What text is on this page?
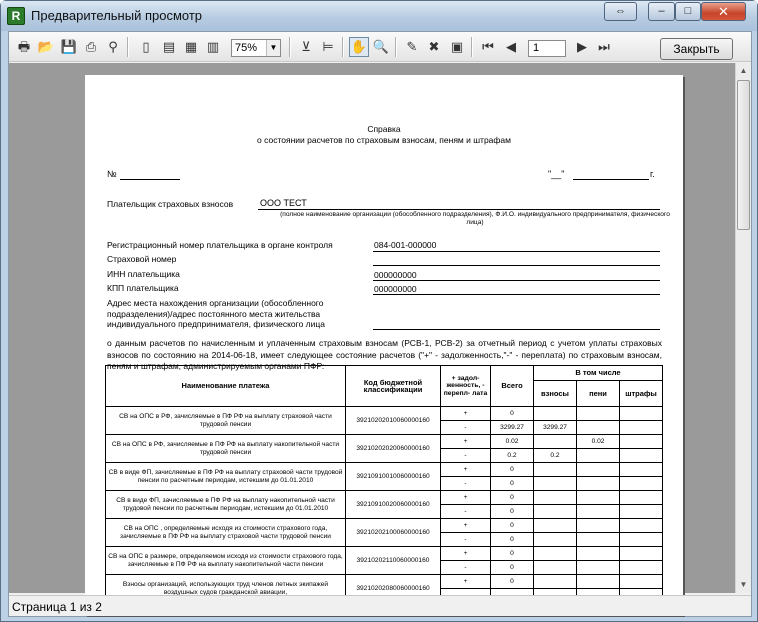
R Предварительный просмотр	⇔	–	□	✕
🖶 📂 💾 ⎙ ⚲	▯	▤ ▦ ▥	75%	▼	⊻ ⊨	✋ 🔍	✎ ✖ ▣	⏮ ◀	1	▶ ⏭	Закрыть
Справка
о состоянии расчетов по страховым взносам, пеням и штрафам
№	"__"	г.
Плательщик страховых взносов	ООО ТЕСТ
(полное наименование организации (обособленного подразделения), Ф.И.О. индивидуального предпринимателя, физического лица)
Регистрационный номер плательщика в органе контроля	084-001-000000
Страховой номер
ИНН плательщика	000000000
КПП плательщика	000000000
Адрес места нахождения организации (обособленного подразделения)/адрес постоянного места жительства индивидуального предпринимателя, физического лица
о данным расчетов по начисленным и уплаченным страховым взносам (РСВ-1, РСВ-2) за отчетный период с учетом уплаты страховых взносов по состоянию на 2014-06-18, имеет следующее состояние расчетов ("+" - задолженность,"-" - переплата) по страховым взносам, пеням и штрафам, администрируемым органами ПФР:
Наименование платежа	Код бюджетной классификации	+ задол- женность, - перепл- лата	Всего	В том числе		
				взносы	пени	штрафы
СВ на ОПС в РФ, зачисляемые в ПФ РФ на выплату страховой части трудовой пенсии	39210202010060000160	+	0			
		-	3299.27	3299.27		
СВ на ОПС в РФ, зачисляемые в ПФ РФ на выплату накопительной части трудовой пенсии	39210202020060000160	+	0.02		0.02	
		-	0.2	0.2		
СВ в виде ФП, зачисляемые в ПФ РФ на выплату страховой части трудовой пенсии по расчетным периодам, истекшим до 01.01.2010	39210910010060000160	+	0			
		-	0			
СВ в виде ФП, зачисляемые в ПФ РФ на выплату накопительной части трудовой пенсии по расчетным периодам, истекшим до 01.01.2010	39210910020060000160	+	0			
		-	0			
СВ на ОПС , определяемые исходя из стоимости страхового года, зачисляемые в ПФ РФ на выплату страховой части трудовой пенсии	39210202100060000160	+	0			
		-	0			
СВ на ОПС в размере, определяемом исходя из стоимости страхового года, зачисляемые в ПФ РФ на выплату накопительной части пенсии	39210202110060000160	+	0			
		-	0			
Взносы организаций, использующих труд членов летных экипажей воздушных судов гражданской авиации,	39210202080060000160	+	0			

▲
▼
Страница 1 из 2
